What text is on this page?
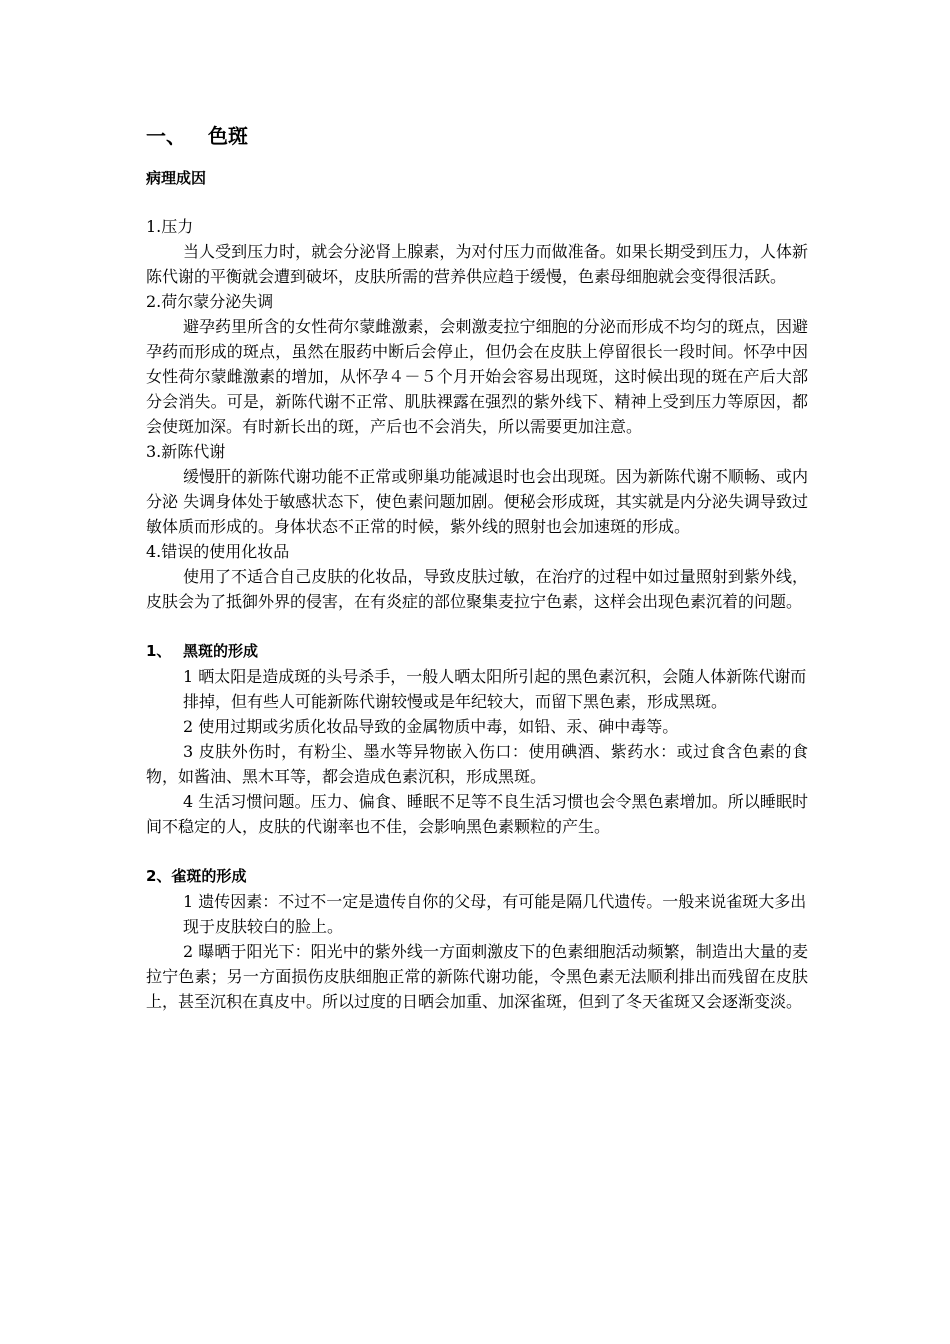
一、 色斑
病理成因
1.压力

当人受到压力时，就会分泌肾上腺素，为对付压力而做准备。如果长期受到压力，人体新陈代谢的平衡就会遭到破坏，皮肤所需的营养供应趋于缓慢，色素母细胞就会变得很活跃。

2.荷尔蒙分泌失调

避孕药里所含的女性荷尔蒙雌激素，会刺激麦拉宁细胞的分泌而形成不均匀的斑点，因避孕药而形成的斑点，虽然在服药中断后会停止，但仍会在皮肤上停留很长一段时间。怀孕中因女性荷尔蒙雌激素的增加，从怀孕４－５个月开始会容易出现斑，这时候出现的斑在产后大部分会消失。可是，新陈代谢不正常、肌肤裸露在强烈的紫外线下、精神上受到压力等原因，都会使斑加深。有时新长出的斑，产后也不会消失，所以需要更加注意。

3.新陈代谢

缓慢肝的新陈代谢功能不正常或卵巢功能减退时也会出现斑。因为新陈代谢不顺畅、或内分泌 失调身体处于敏感状态下，使色素问题加剧。便秘会形成斑，其实就是内分泌失调导致过敏体质而形成的。身体状态不正常的时候，紫外线的照射也会加速斑的形成。

4.错误的使用化妆品

使用了不适合自己皮肤的化妆品，导致皮肤过敏，在治疗的过程中如过量照射到紫外线，皮肤会为了抵御外界的侵害，在有炎症的部位聚集麦拉宁色素，这样会出现色素沉着的问题。

1、 黑斑的形成

1 晒太阳是造成斑的头号杀手，一般人晒太阳所引起的黑色素沉积，会随人体新陈代谢而

排掉，但有些人可能新陈代谢较慢或是年纪较大，而留下黑色素，形成黑斑。

2 使用过期或劣质化妆品导致的金属物质中毒，如铅、汞、砷中毒等。

3 皮肤外伤时，有粉尘、墨水等异物嵌入伤口：使用碘酒、紫药水：或过食含色素的食物，如酱油、黑木耳等，都会造成色素沉积，形成黑斑。

4 生活习惯问题。压力、偏食、睡眠不足等不良生活习惯也会令黑色素增加。所以睡眠时间不稳定的人，皮肤的代谢率也不佳，会影响黑色素颗粒的产生。

2、雀斑的形成

1 遗传因素：不过不一定是遗传自你的父母，有可能是隔几代遗传。一般来说雀斑大多出

现于皮肤较白的脸上。

2 曝晒于阳光下：阳光中的紫外线一方面刺激皮下的色素细胞活动频繁，制造出大量的麦拉宁色素；另一方面损伤皮肤细胞正常的新陈代谢功能，令黑色素无法顺利排出而残留在皮肤上，甚至沉积在真皮中。所以过度的日晒会加重、加深雀斑，但到了冬天雀斑又会逐渐变淡。
